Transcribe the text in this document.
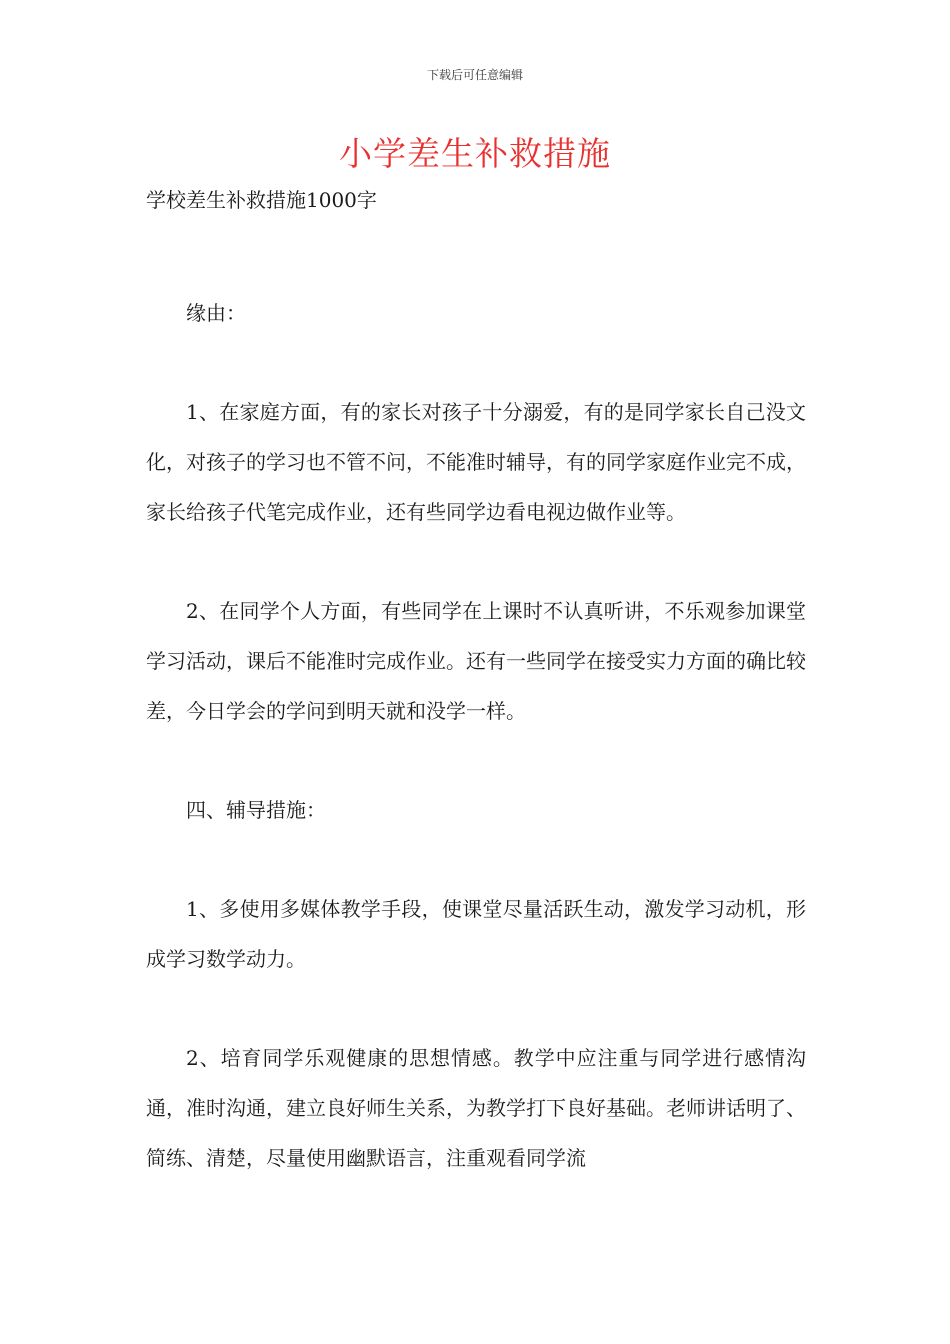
下载后可任意编辑
小学差生补救措施

学校差生补救措施1000字

缘由：

1、在家庭方面，有的家长对孩子十分溺爱，有的是同学家长自己没文化，对孩子的学习也不管不问，不能准时辅导，有的同学家庭作业完不成，家长给孩子代笔完成作业，还有些同学边看电视边做作业等。

2、在同学个人方面，有些同学在上课时不认真听讲，不乐观参加课堂学习活动，课后不能准时完成作业。还有一些同学在接受实力方面的确比较差，今日学会的学问到明天就和没学一样。

四、辅导措施：

1、多使用多媒体教学手段，使课堂尽量活跃生动，激发学习动机，形成学习数学动力。

2、培育同学乐观健康的思想情感。教学中应注重与同学进行感情沟通，准时沟通，建立良好师生关系，为教学打下良好基础。老师讲话明了、简练、清楚，尽量使用幽默语言，注重观看同学流
